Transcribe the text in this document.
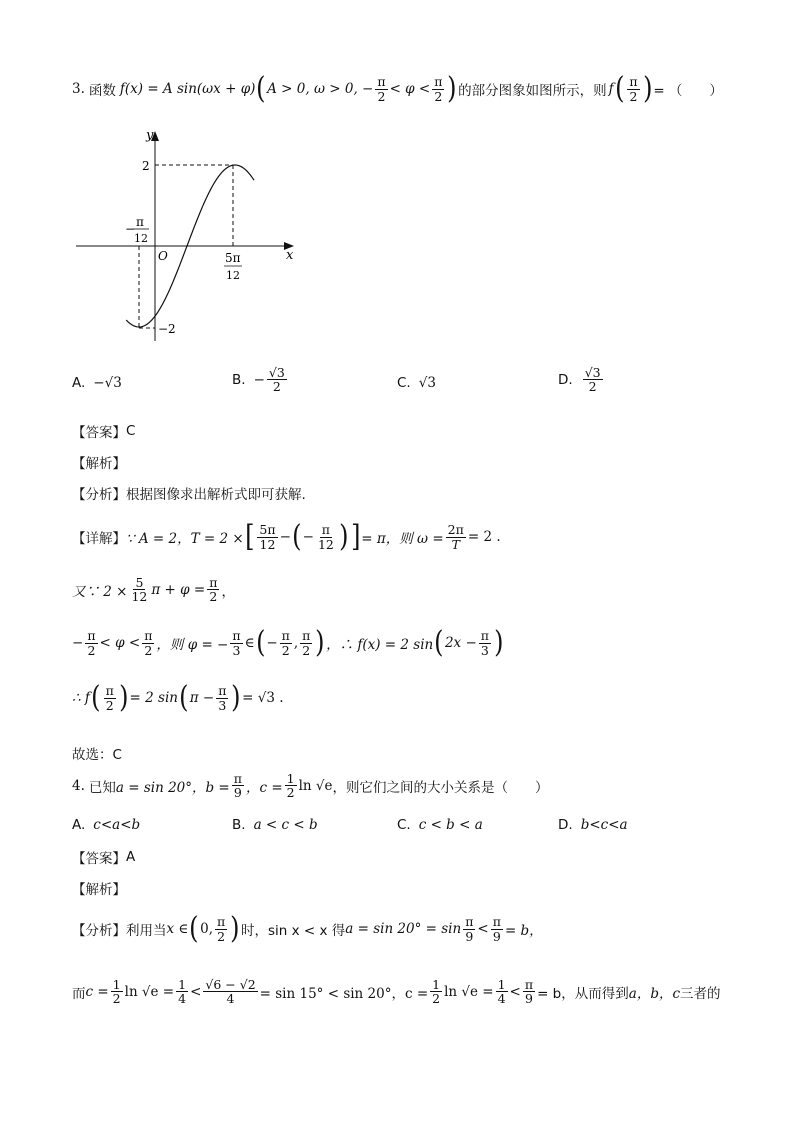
3. 函数 f(x) = A sin(ωx + φ) ( A > 0, ω > 0, − $\frac{\pi}{2} < \varphi < \frac{\pi}{2}$ ) 的部分图象如图所示，则 f ( $\frac{\pi}{2}$ ) = （　　）
y
x
O
2
−2
− π
12
5π
12
A. −√3	B. − $\frac{√3}{2}$	C. √3	D. $\frac{√3}{2}$
【答案】 C
【解析】
【分析】 根据图像求出解析式即可获解.
【详解】 ∵ A = 2，T = 2 × [ $\frac{5\pi}{12}$ − ( − $\frac{\pi}{12}$ ) ] = π，则 $\omega = \frac{2\pi}{T} = 2$ .
又∵ $2 \times \frac{5}{12}$ $\pi + \varphi = \frac{\pi}{2}$ ，
− $\frac{\pi}{2} < \varphi < \frac{\pi}{2}$ ，则 φ = − $\frac{\pi}{3}$ ∈ ( − $\frac{\pi}{2}$ , $\frac{\pi}{2}$ ) ，∴ f(x) = 2 sin ( $2x - \frac{\pi}{3}$ )
∴ f ( $\frac{\pi}{2}$ ) = 2 sin ( $\pi - \frac{\pi}{3}$ ) = √3 .
故选：C
4. 已知 a = sin 20°，$b = \frac{\pi}{9}$ ，$c = \frac{1}{2}$ ln √e ，则它们之间的大小关系是（　　）
A. c<a<b	B. a < c < b	C. c < b < a	D. b<c<a
【答案】 A
【解析】
【分析】 利用当 x ∈ ( 0, $\frac{\pi}{2}$ ) 时，sin x < x 得 $a = \sin 20^\circ = \sin \frac{\pi}{9} < \frac{\pi}{9} = b$，
而 $c = \frac{1}{2}$ $\ln √e = \frac{1}{4} < \frac{√6 - √2}{4} = \sin 15^\circ < \sin 20^\circ$，$c = \frac{1}{2}$ $\ln √e = \frac{1}{4} < \frac{\pi}{9} = b$，从而得到 a，b，c 三者的
